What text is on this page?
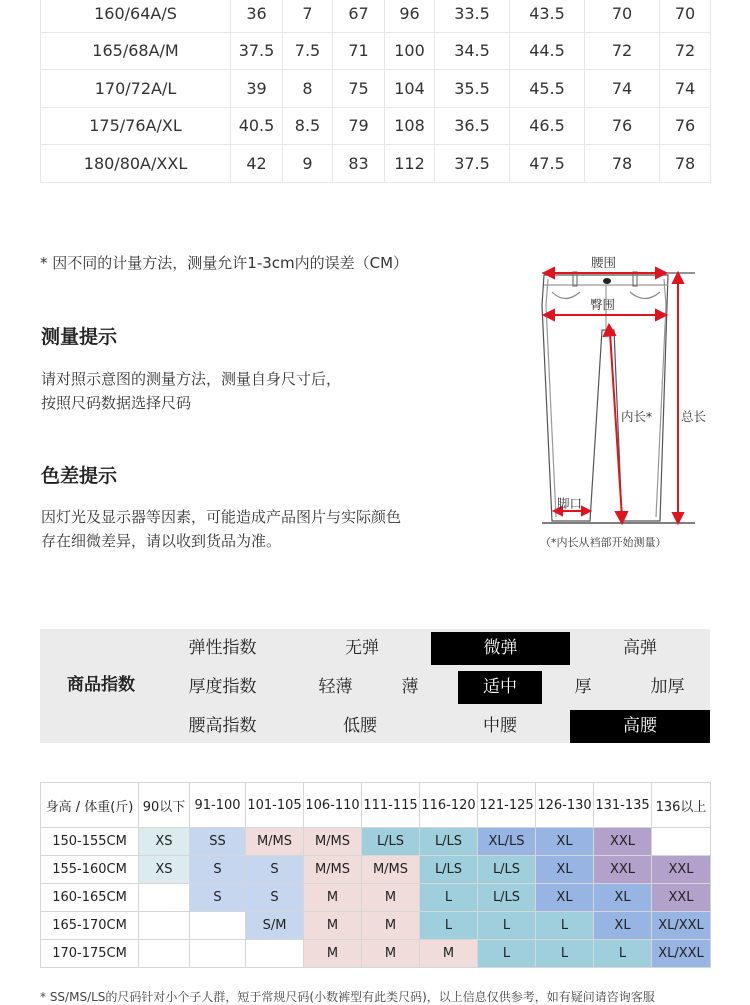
160/64A/S	36	7	67	96	33.5	43.5	70	70
165/68A/M	37.5	7.5	71	100	34.5	44.5	72	72
170/72A/L	39	8	75	104	35.5	45.5	74	74
175/76A/XL	40.5	8.5	79	108	36.5	46.5	76	76
180/80A/XXL	42	9	83	112	37.5	47.5	78	78
* 因不同的计量方法，测量允许1-3cm内的误差（CM）
测量提示
请对照示意图的测量方法，测量自身尺寸后，
按照尺码数据选择尺码
色差提示
因灯光及显示器等因素，可能造成产品图片与实际颜色
存在细微差异，请以收到货品为准。
腰围
臀围
内长* 总长
脚口
（*内长从裆部开始测量）
商品指数
弹性指数	无弹	微弹	高弹
厚度指数	轻薄	薄	适中	厚	加厚
腰高指数	低腰	中腰	高腰
身高 / 体重(斤)	90以下	91-100	101-105	106-110	111-115	116-120	121-125	126-130	131-135	136以上
150-155CM	XS	SS	M/MS	M/MS	L/LS	L/LS	XL/LS	XL	XXL	
155-160CM	XS	S	S	M/MS	M/MS	L/LS	L/LS	XL	XXL	XXL
160-165CM		S	S	M	M	L	L/LS	XL	XL	XXL
165-170CM			S/M	M	M	L	L	L	XL	XL/XXL
170-175CM				M	M	M	L	L	L	XL/XXL
* SS/MS/LS的尺码针对小个子人群，短于常规尺码(小数裤型有此类尺码)，以上信息仅供参考，如有疑问请咨询客服
